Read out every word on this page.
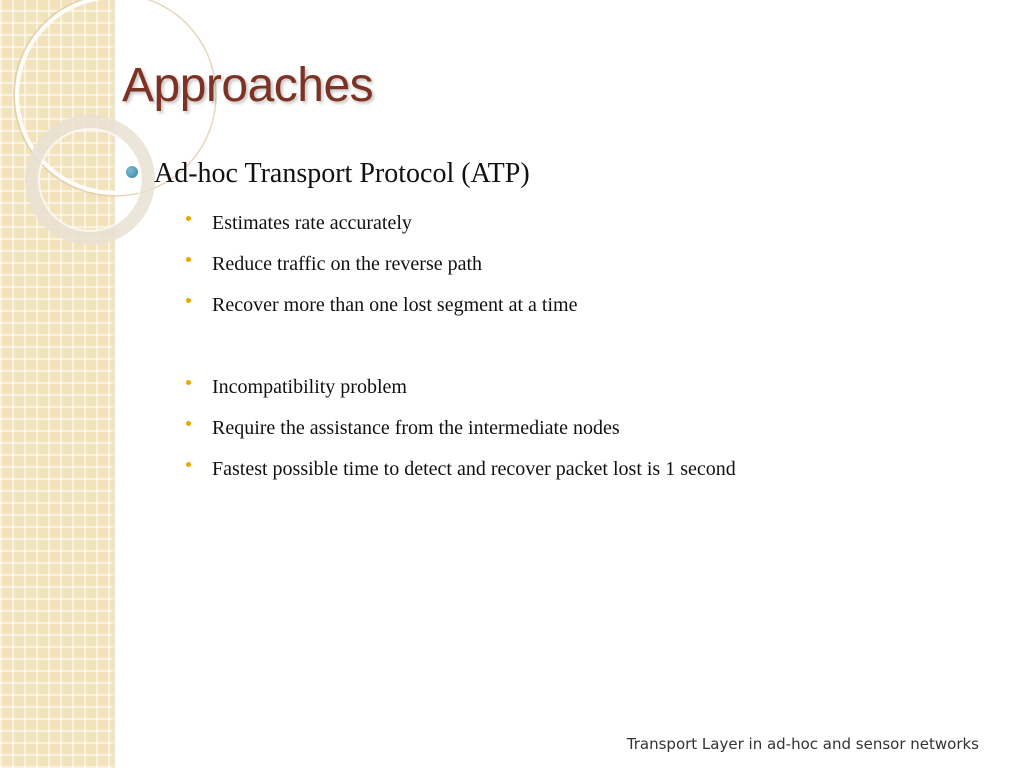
Approaches
Ad-hoc Transport Protocol (ATP)
Estimates rate accurately
Reduce traffic on the reverse path
Recover more than one lost segment at a time
Incompatibility problem
Require the assistance from the intermediate nodes
Fastest possible time to detect and recover packet lost is 1 second
Transport Layer in ad-hoc and sensor networks
